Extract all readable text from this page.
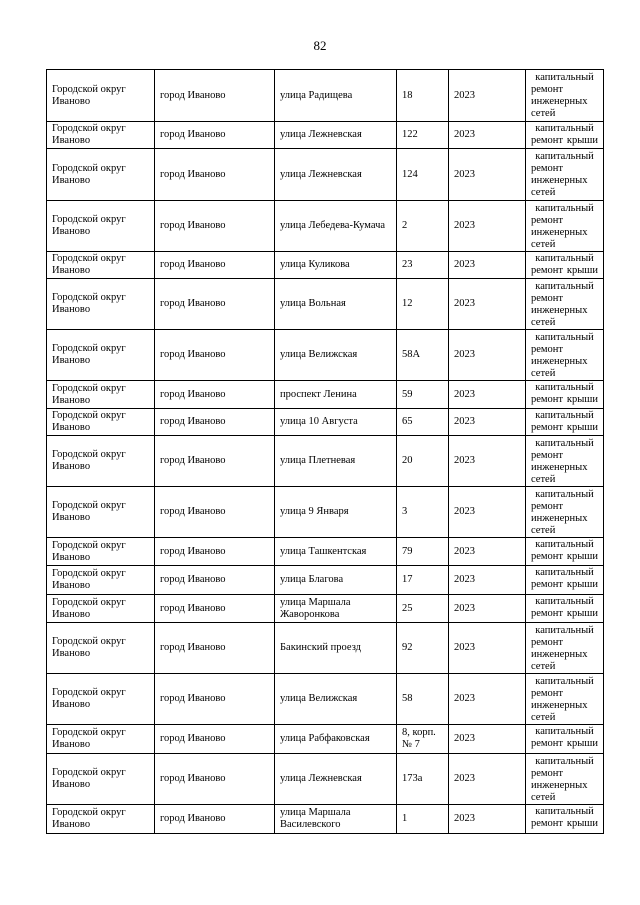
82
Городской округ Иваново	город Иваново	улица Радищева	18	2023	капитальный
ремонт инженерных сетей

Городской округ Иваново	город Иваново	улица Лежневская	122	2023	капитальный
ремонт крыши

Городской округ Иваново	город Иваново	улица Лежневская	124	2023	капитальный
ремонт инженерных сетей

Городской округ Иваново	город Иваново	улица Лебедева-Кумача	2	2023	капитальный
ремонт инженерных сетей

Городской округ Иваново	город Иваново	улица Куликова	23	2023	капитальный
ремонт крыши

Городской округ Иваново	город Иваново	улица Вольная	12	2023	капитальный
ремонт инженерных сетей

Городской округ Иваново	город Иваново	улица Велижская	58А	2023	капитальный
ремонт инженерных сетей

Городской округ Иваново	город Иваново	проспект Ленина	59	2023	капитальный
ремонт крыши

Городской округ Иваново	город Иваново	улица 10 Августа	65	2023	капитальный
ремонт крыши

Городской округ Иваново	город Иваново	улица Плетневая	20	2023	капитальный
ремонт инженерных сетей

Городской округ Иваново	город Иваново	улица 9 Января	3	2023	капитальный
ремонт инженерных сетей

Городской округ Иваново	город Иваново	улица Ташкентская	79	2023	капитальный
ремонт крыши

Городской округ Иваново	город Иваново	улица Благова	17	2023	капитальный
ремонт крыши

Городской округ Иваново	город Иваново	улица Маршала Жаворонкова	25	2023	капитальный
ремонт крыши

Городской округ Иваново	город Иваново	Бакинский проезд	92	2023	капитальный
ремонт инженерных сетей

Городской округ Иваново	город Иваново	улица Велижская	58	2023	капитальный
ремонт инженерных сетей

Городской округ Иваново	город Иваново	улица Рабфаковская	8, корп. № 7	2023	капитальный
ремонт крыши

Городской округ Иваново	город Иваново	улица Лежневская	173а	2023	капитальный
ремонт инженерных сетей

Городской округ Иваново	город Иваново	улица Маршала Василевского	1	2023	капитальный
ремонт крыши
